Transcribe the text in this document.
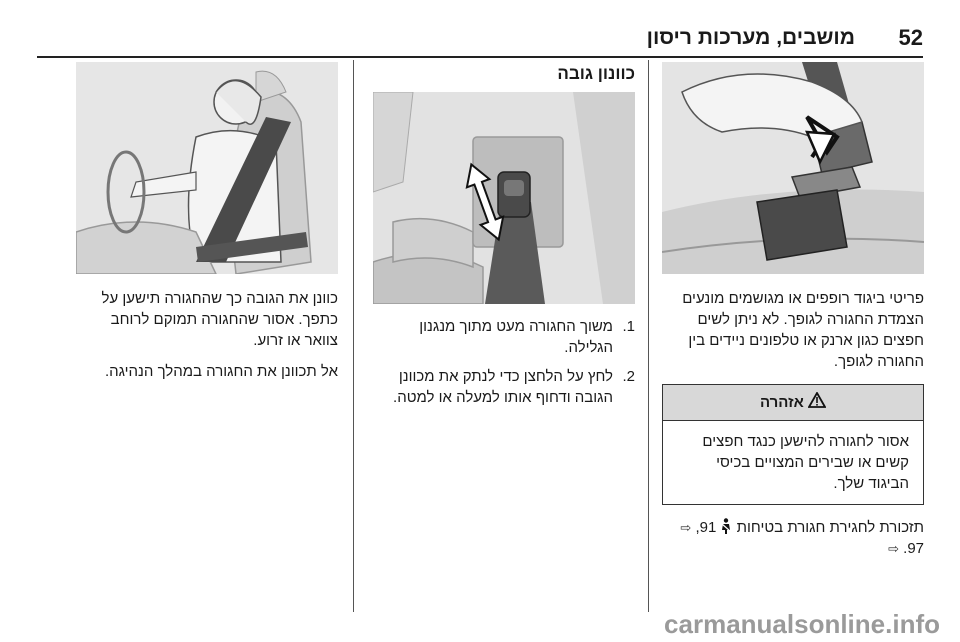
52
מושבים, מערכות ריסון

פריטי ביגוד רופפים או מגושמים מונעים הצמדת החגורה לגופך. לא ניתן לשים חפצים כגון ארנק או טלפונים ניידים בין החגורה לגופך.

אזהרה
אסור לחגורה להישען כנגד חפצים קשים או שבירים המצויים בכיסי הביגוד שלך.

תזכורת לחגירת חגורת בטיחות  91, ⇨ 97. ⇨

כוונון גובה
1.
משוך החגורה מעט מתוך מנגנון הגלילה.
2.
לחץ על הלחצן כדי לנתק את מכוונן הגובה ודחוף אותו למעלה או למטה.

כוונן את הגובה כך שהחגורה תישען על כתפך. אסור שהחגורה תמוקם לרוחב צוואר או זרוע.

אל תכוונן את החגורה במהלך הנהיגה.

carmanualsonline.info
